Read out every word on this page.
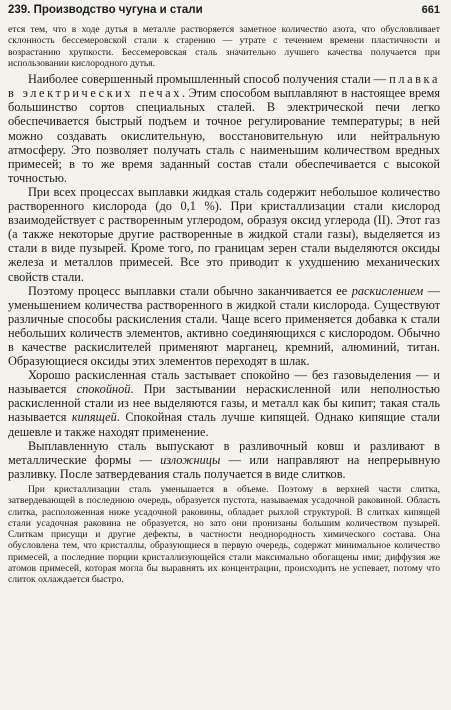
239. Производство чугуна и стали	661

ется тем, что в ходе дутья в металле растворяется заметное количество азота, что обусловливает склонность бессемеровской стали к старению — утрате с течением времени пластичности и возрастанию хрупкости. Бессемеровская сталь значительно лучшего качества получается при использовании кислородного дутья.

Наиболее совершенный промышленный способ получения стали — плавка в электрических печах. Этим способом выплавляют в настоящее время большинство сортов специальных сталей. В электрической печи легко обеспечивается быстрый подъем и точное регулирование температуры; в ней можно создавать окислительную, восстановительную или нейтральную атмосферу. Это позволяет получать сталь с наименьшим количеством вредных примесей; в то же время заданный состав стали обеспечивается с высокой точностью.

При всех процессах выплавки жидкая сталь содержит небольшое количество растворенного кислорода (до 0,1 %). При кристаллизации стали кислород взаимодействует с растворенным углеродом, образуя оксид углерода (II). Этот газ (а также некоторые другие растворенные в жидкой стали газы), выделяется из стали в виде пузырей. Кроме того, по границам зерен стали выделяются оксиды железа и металлов примесей. Все это приводит к ухудшению механических свойств стали.

Поэтому процесс выплавки стали обычно заканчивается ее раскислением — уменьшением количества растворенного в жидкой стали кислорода. Существуют различные способы раскисления стали. Чаще всего применяется добавка к стали небольших количеств элементов, активно соединяющихся с кислородом. Обычно в качестве раскислителей применяют марганец, кремний, алюминий, титан. Образующиеся оксиды этих элементов переходят в шлак.

Хорошо раскисленная сталь застывает спокойно — без газовыделения — и называется спокойной. При застывании нераскисленной или неполностью раскисленной стали из нее выделяются газы, и металл как бы кипит; такая сталь называется кипящей. Спокойная сталь лучше кипящей. Однако кипящие стали дешевле и также находят применение.

Выплавленную сталь выпускают в разливочный ковш и разливают в металлические формы — изложницы — или направляют на непрерывную разливку. После затвердевания сталь получается в виде слитков.

При кристаллизации сталь уменьшается в объеме. Поэтому в верхней части слитка, затвердевающей в последнюю очередь, образуется пустота, называемая усадочной раковиной. Область слитка, расположенная ниже усадочной раковины, обладает рыхлой структурой. В слитках кипящей стали усадочная раковина не образуется, но зато они пронизаны большим количеством пузырей. Слиткам присущи и другие дефекты, в частности неоднородность химического состава. Она обусловлена тем, что кристаллы, образующиеся в первую очередь, содержат минимальное количество примесей, а последние порции кристаллизующейся стали максимально обогащены ими; диффузия же атомов примесей, которая могла бы выравнять их концентрации, происходить не успевает, потому что слиток охлаждается быстро.
